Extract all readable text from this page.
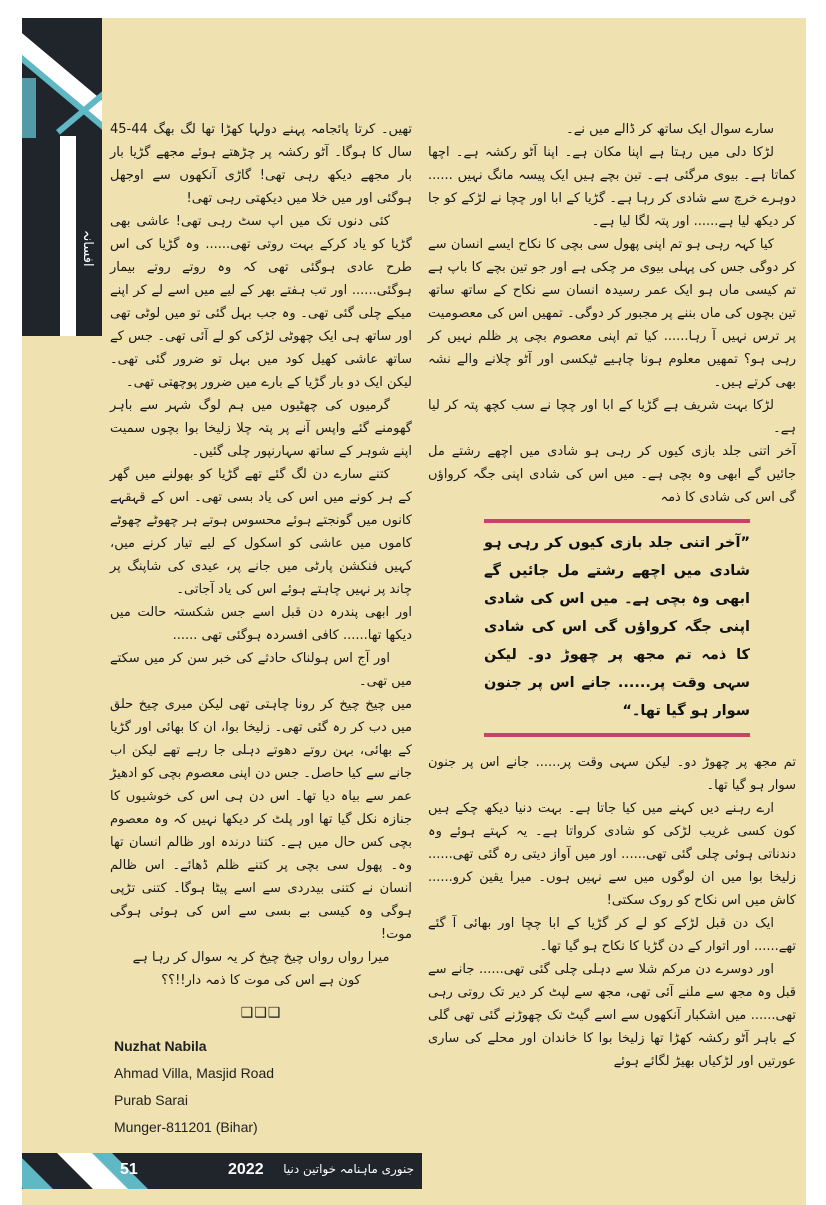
افسانہ

تھیں۔ کرتا پائجامہ پہنے دولہا کھڑا تھا لگ بھگ 44-45 سال کا ہوگا۔ آٹو رکشہ پر چڑھتے ہوئے مجھے گڑیا بار بار مجھے دیکھ رہی تھی! گاڑی آنکھوں سے اوجھل ہوگئی اور میں خلا میں دیکھتی رہی تھی!

کئی دنوں تک میں اپ سٹ رہی تھی! عاشی بھی گڑیا کو یاد کرکے بہت روتی تھی...... وہ گڑیا کی اس طرح عادی ہوگئی تھی کہ وہ روتے روتے بیمار ہوگئی...... اور تب ہفتے بھر کے لیے میں اسے لے کر اپنے میکے چلی گئی تھی۔ وہ جب بہل گئی تو میں لوٹی تھی اور ساتھ ہی ایک چھوٹی لڑکی کو لے آئی تھی۔ جس کے ساتھ عاشی کھیل کود میں بہل تو ضرور گئی تھی۔ لیکن ایک دو بار گڑیا کے بارے میں ضرور پوچھتی تھی۔

گرمیوں کی چھٹیوں میں ہم لوگ شہر سے باہر گھومنے گئے واپس آنے پر پتہ چلا زلیخا بوا بچوں سمیت اپنے شوہر کے ساتھ سہارنپور چلی گئیں۔

کتنے سارے دن لگ گئے تھے گڑیا کو بھولنے میں گھر کے ہر کونے میں اس کی یاد بسی تھی۔ اس کے قہقہے کانوں میں گونجتے ہوئے محسوس ہوتے ہر چھوٹے چھوٹے کاموں میں عاشی کو اسکول کے لیے تیار کرنے میں، کہیں فنکشن پارٹی میں جانے پر، عیدی کی شاپنگ پر چاند پر نہیں چاہتے ہوئے اس کی یاد آجاتی۔

اور ابھی پندرہ دن قبل اسے جس شکستہ حالت میں دیکھا تھا...... کافی افسردہ ہوگئی تھی ......

اور آج اس ہولناک حادثے کی خبر سن کر میں سکتے میں تھی۔

میں چیخ چیخ کر رونا چاہتی تھی لیکن میری چیخ حلق میں دب کر رہ گئی تھی۔ زلیخا بوا، ان کا بھائی اور گڑیا کے بھائی، بہن روتے دھوتے دہلی جا رہے تھے لیکن اب جانے سے کیا حاصل۔ جس دن اپنی معصوم بچی کو ادھیڑ عمر سے بیاہ دیا تھا۔ اس دن ہی اس کی خوشیوں کا جنازہ نکل گیا تھا اور پلٹ کر دیکھا نہیں کہ وہ معصوم بچی کس حال میں ہے۔ کتنا درندہ اور ظالم انسان تھا وہ۔ پھول سی بچی پر کتنے ظلم ڈھائے۔ اس ظالم انسان نے کتنی بیدردی سے اسے پیٹا ہوگا۔ کتنی تڑپی ہوگی وہ کیسی بے بسی سے اس کی ہوئی ہوگی موت!

میرا رواں رواں چیخ چیخ کر یہ سوال کر رہا ہے

کون ہے اس کی موت کا ذمہ دار!!؟؟

❑❑❑
Nuzhat Nabila
Ahmad Villa, Masjid Road
Purab Sarai
Munger-811201 (Bihar)

سارے سوال ایک ساتھ کر ڈالے میں نے۔

لڑکا دلی میں رہتا ہے اپنا مکان ہے۔ اپنا آٹو رکشہ ہے۔ اچھا کماتا ہے۔ بیوی مرگئی ہے۔ تین بچے ہیں ایک پیسہ مانگ نہیں ...... دوہرے خرچ سے شادی کر رہا ہے۔ گڑیا کے ابا اور چچا نے لڑکے کو جا کر دیکھ لیا ہے...... اور پتہ لگا لیا ہے۔

کیا کہہ رہی ہو تم اپنی پھول سی بچی کا نکاح ایسے انسان سے کر دوگی جس کی پہلی بیوی مر چکی ہے اور جو تین بچے کا باپ ہے تم کیسی ماں ہو ایک عمر رسیدہ انسان سے نکاح کے ساتھ ساتھ تین بچوں کی ماں بننے پر مجبور کر دوگی۔ تمھیں اس کی معصومیت پر ترس نہیں آ رہا...... کیا تم اپنی معصوم بچی پر ظلم نہیں کر رہی ہو؟ تمھیں معلوم ہونا چاہیے ٹیکسی اور آٹو چلانے والے نشہ بھی کرتے ہیں۔

لڑکا بہت شریف ہے گڑیا کے ابا اور چچا نے سب کچھ پتہ کر لیا ہے۔

آخر اتنی جلد بازی کیوں کر رہی ہو شادی میں اچھے رشتے مل جائیں گے ابھی وہ بچی ہے۔ میں اس کی شادی اپنی جگہ کرواؤں گی اس کی شادی کا ذمہ

”آخر اتنی جلد بازی کیوں کر رہی ہو شادی میں اچھے رشتے مل جائیں گے ابھی وہ بچی ہے۔ میں اس کی شادی اپنی جگہ کرواؤں گی اس کی شادی کا ذمہ تم مجھ پر چھوڑ دو۔ لیکن سہی وقت پر...... جانے اس پر جنون سوار ہو گیا تھا۔“

تم مجھ پر چھوڑ دو۔ لیکن سہی وقت پر...... جانے اس پر جنون سوار ہو گیا تھا۔

ارے رہنے دیں کہنے میں کیا جاتا ہے۔ بہت دنیا دیکھ چکے ہیں کون کسی غریب لڑکی کو شادی کرواتا ہے۔ یہ کہتے ہوئے وہ دندناتی ہوئی چلی گئی تھی...... اور میں آواز دیتی رہ گئی تھی...... زلیخا بوا میں ان لوگوں میں سے نہیں ہوں۔ میرا یقین کرو...... کاش میں اس نکاح کو روک سکتی!

ایک دن قبل لڑکے کو لے کر گڑیا کے ابا چچا اور بھائی آ گئے تھے...... اور اتوار کے دن گڑیا کا نکاح ہو گیا تھا۔

اور دوسرے دن مرکم شلا سے دہلی چلی گئی تھی...... جانے سے قبل وہ مجھ سے ملنے آئی تھی، مجھ سے لپٹ کر دیر تک روتی رہی تھی...... میں اشکبار آنکھوں سے اسے گیٹ تک چھوڑنے گئی تھی گلی کے باہر آٹو رکشہ کھڑا تھا زلیخا بوا کا خاندان اور محلے کی ساری عورتیں اور لڑکیاں بھیڑ لگائے ہوئے

51	2022	جنوری ماہنامہ خواتین دنیا
